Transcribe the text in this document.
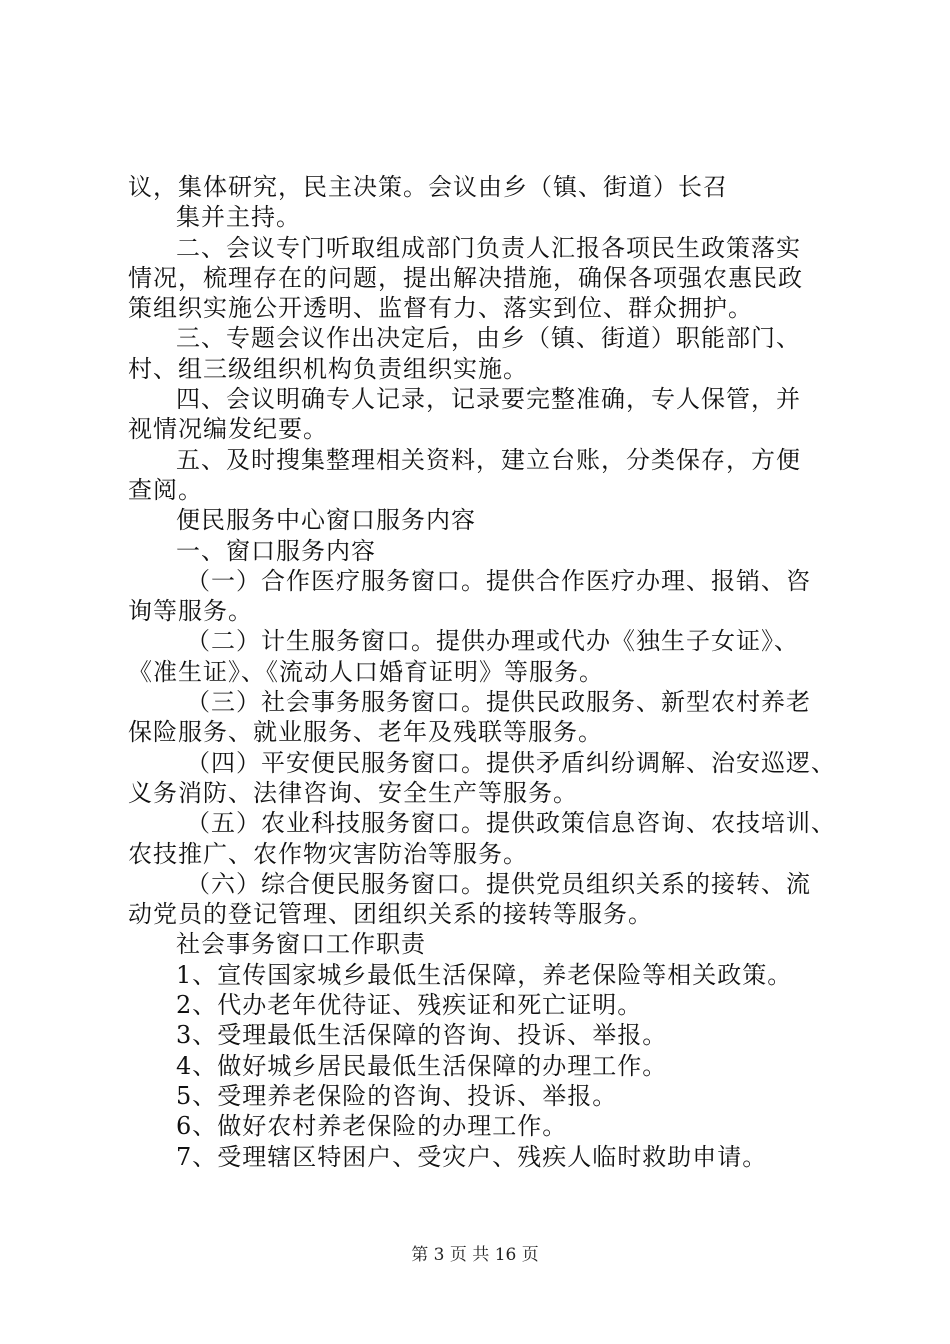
议，集体研究，民主决策。会议由乡（镇、街道）长召
集并主持。
二、会议专门听取组成部门负责人汇报各项民生政策落实
情况，梳理存在的问题，提出解决措施，确保各项强农惠民政
策组织实施公开透明、监督有力、落实到位、群众拥护。
三、专题会议作出决定后，由乡（镇、街道）职能部门、
村、组三级组织机构负责组织实施。
四、会议明确专人记录，记录要完整准确，专人保管，并
视情况编发纪要。
五、及时搜集整理相关资料，建立台账，分类保存，方便
查阅。
便民服务中心窗口服务内容
一、窗口服务内容
（一）合作医疗服务窗口。提供合作医疗办理、报销、咨
询等服务。
（二）计生服务窗口。提供办理或代办《独生子女证》、
《准生证》、《流动人口婚育证明》等服务。
（三）社会事务服务窗口。提供民政服务、新型农村养老
保险服务、就业服务、老年及残联等服务。
（四）平安便民服务窗口。提供矛盾纠纷调解、治安巡逻、
义务消防、法律咨询、安全生产等服务。
（五）农业科技服务窗口。提供政策信息咨询、农技培训、
农技推广、农作物灾害防治等服务。
（六）综合便民服务窗口。提供党员组织关系的接转、流
动党员的登记管理、团组织关系的接转等服务。
社会事务窗口工作职责
1、宣传国家城乡最低生活保障，养老保险等相关政策。
2、代办老年优待证、残疾证和死亡证明。
3、受理最低生活保障的咨询、投诉、举报。
4、做好城乡居民最低生活保障的办理工作。
5、受理养老保险的咨询、投诉、举报。
6、做好农村养老保险的办理工作。
7、受理辖区特困户、受灾户、残疾人临时救助申请。
第 3 页 共 16 页
